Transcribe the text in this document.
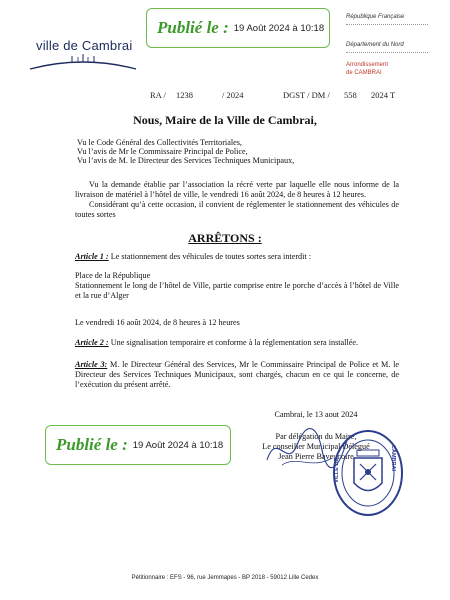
Publié le : 19 Août 2024 à 10:18
ville de Cambrai
République Française
Département du Nord
Arrondissement
de CAMBRAI
RA / 1238	/ 2024	DGST / DM / 558 2024 T
Nous, Maire de la Ville de Cambrai,
Vu le Code Général des Collectivités Territoriales,
Vu l’avis de Mr le Commissaire Principal de Police,
Vu l’avis de M. le Directeur des Services Techniques Municipaux,
Vu la demande établie par l’association la récré verte par laquelle elle nous informe de la livraison de matériel à l’hôtel de ville, le vendredi 16 août 2024, de 8 heures à 12 heures.
Considérant qu’à cette occasion, il convient de réglementer le stationnement des véhicules de toutes sortes
ARRÊTONS :
Article 1 : Le stationnement des véhicules de toutes sortes sera interdit :
Place de la République
Stationnement le long de l’hôtel de Ville, partie comprise entre le porche d’accès à l’hôtel de Ville et la rue d’Alger
Le vendredi 16 août 2024, de 8 heures à 12 heures
Article 2 : Une signalisation temporaire et conforme à la réglementation sera installée.
Article 3: M. le Directeur Général des Services, Mr le Commissaire Principal de Police et M. le Directeur des Services Techniques Municipaux, sont chargés, chacun en ce qui le concerne, de l’exécution du présent arrêté.
Cambrai, le 13 aout 2024
Par délégation du Maire,
Le conseiller Municipal Délégué
Jean Pierre Baveucoire	CAMBRAI
VILLE DE
Publié le : 19 Août 2024 à 10:18
Pétitionnaire : EFS - 96, rue Jemmapes - BP 2018 - 59012 Lille Cedex
